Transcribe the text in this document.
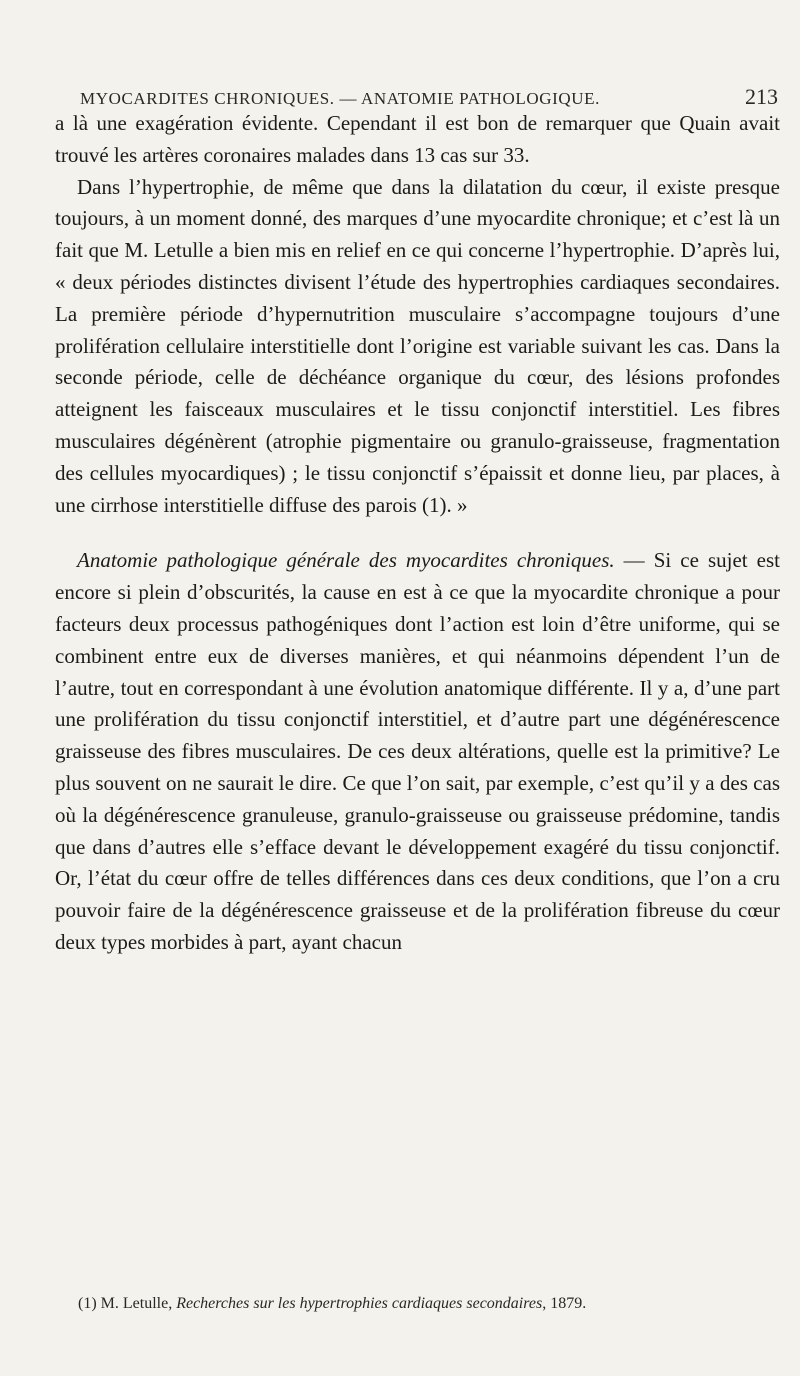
MYOCARDITES CHRONIQUES. — ANATOMIE PATHOLOGIQUE.	213

a là une exagération évidente. Cependant il est bon de remarquer que Quain avait trouvé les artères coronaires malades dans 13 cas sur 33.

Dans l’hypertrophie, de même que dans la dilatation du cœur, il existe presque toujours, à un moment donné, des marques d’une myocardite chronique; et c’est là un fait que M. Letulle a bien mis en relief en ce qui concerne l’hypertrophie. D’après lui, « deux périodes distinctes divisent l’étude des hypertrophies cardiaques secondaires. La première période d’hypernutrition musculaire s’accompagne toujours d’une prolifération cellulaire interstitielle dont l’origine est variable suivant les cas. Dans la seconde période, celle de déchéance organique du cœur, des lésions profondes atteignent les faisceaux musculaires et le tissu conjonctif interstitiel. Les fibres musculaires dégénèrent (atrophie pigmentaire ou granulo-graisseuse, fragmentation des cellules myocardiques) ; le tissu conjonctif s’épaissit et donne lieu, par places, à une cirrhose interstitielle diffuse des parois (1). »

Anatomie pathologique générale des myocardites chroniques. — Si ce sujet est encore si plein d’obscurités, la cause en est à ce que la myocardite chronique a pour facteurs deux processus pathogéniques dont l’action est loin d’être uniforme, qui se combinent entre eux de diverses manières, et qui néanmoins dépendent l’un de l’autre, tout en correspondant à une évolution anatomique différente. Il y a, d’une part une prolifération du tissu conjonctif interstitiel, et d’autre part une dégénérescence graisseuse des fibres musculaires. De ces deux altérations, quelle est la primitive? Le plus souvent on ne saurait le dire. Ce que l’on sait, par exemple, c’est qu’il y a des cas où la dégénérescence granuleuse, granulo-graisseuse ou graisseuse prédomine, tandis que dans d’autres elle s’efface devant le développement exagéré du tissu conjonctif. Or, l’état du cœur offre de telles différences dans ces deux conditions, que l’on a cru pouvoir faire de la dégénérescence graisseuse et de la prolifération fibreuse du cœur deux types morbides à part, ayant chacun

(1) M. Letulle, Recherches sur les hypertrophies cardiaques secondaires, 1879.
